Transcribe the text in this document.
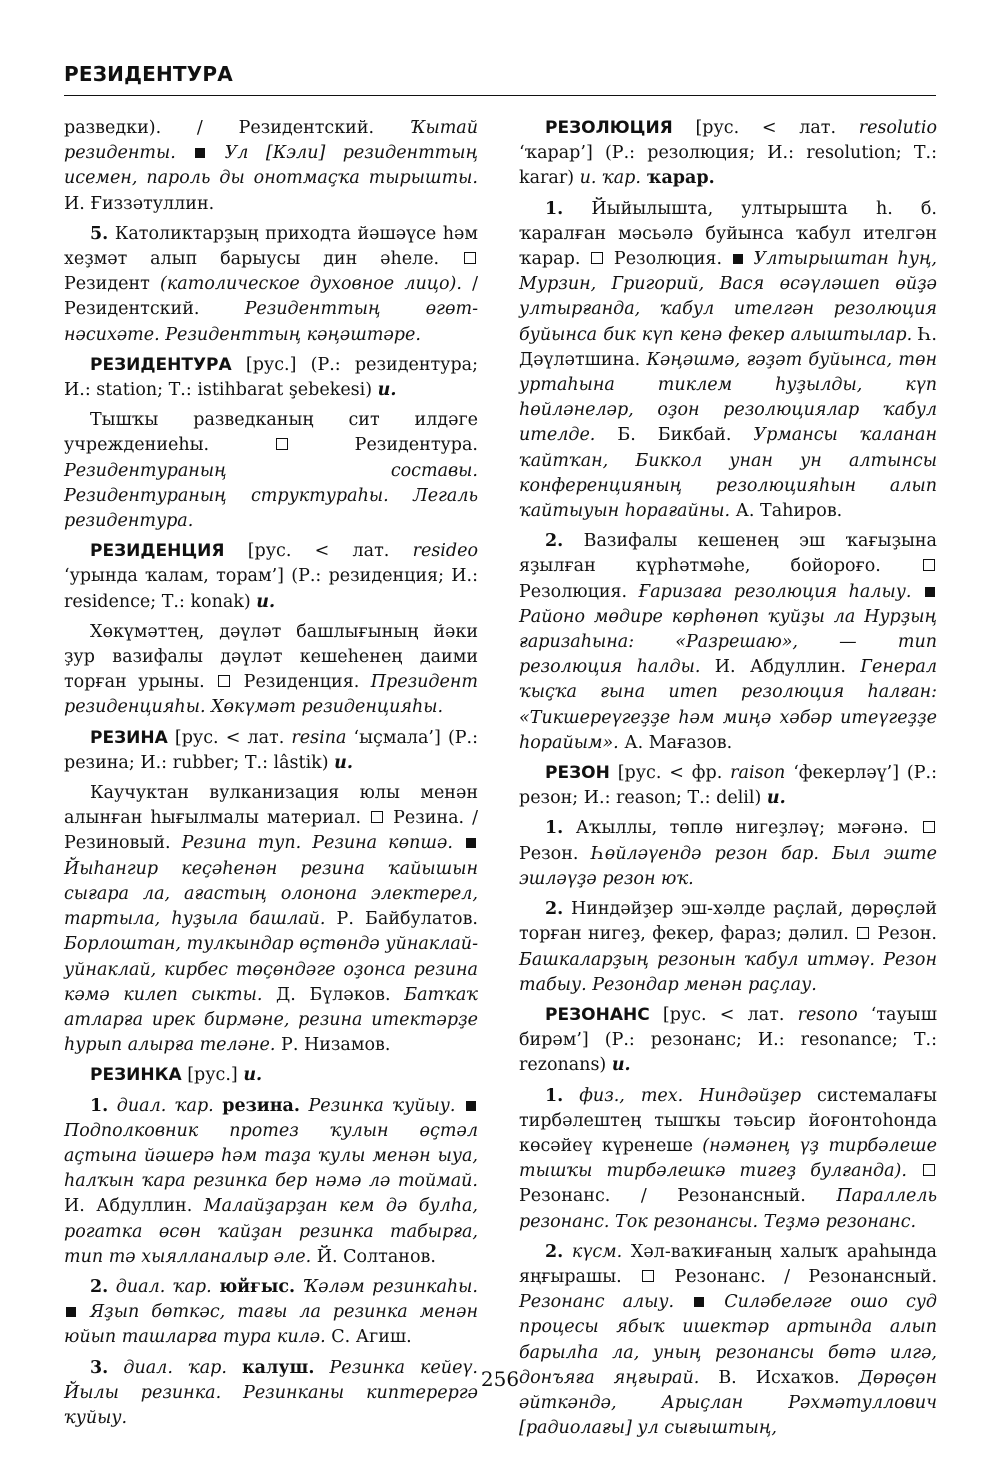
РЕЗИДЕНТУРА

разведки). / Резидентский. Ҡытай резиденты.  Ул [Кэли] резиденттың исемен, пароль ды онотмаҫҡа тырышты. И. Ғиззәтуллин.

5. Католиктарҙың приходта йәшәүсе һәм хеҙмәт алып барыусы дин әһеле.  Резидент (католическое духовное лицо). / Резидентский. Резиденттың өгөт-нәсихәте. Резиденттың кәңәштәре.

РЕЗИДЕНТУРА [рус.] (Р.: резидентура; И.: station; Т.: istihbarat şebekesi) и.

Тышҡы разведканың сит илдәге учреждениеһы.  Резидентура. Резидентураның составы. Резидентураның структураһы. Легаль резидентура.

РЕЗИДЕНЦИЯ [рус. < лат. resideo ‘урында ҡалам, торам’] (Р.: резиденция; И.: residence; Т.: konak) и.

Хөкүмәттең, дәүләт башлығының йәки ҙур вазифалы дәүләт кешеһенең даими торған урыны.  Резиденция. Президент резиденцияһы. Хөкүмәт резиденцияһы.

РЕЗИНА [рус. < лат. resina ‘ыҫмала’] (Р.: резина; И.: rubber; Т.: lâstik) и.

Каучуктан вулканизация юлы менән алынған һығылмалы материал.  Резина. / Резиновый. Резина туп. Резина көпшә.  Йыһангир кеҫәһенән резина ҡайышын сығара ла, ағастың олонона электерел, тартыла, һуҙыла башлай. Р. Байбулатов. Борлоштан, тулкындар өҫтөндә уйнаклай-уйнаклай, кирбес төҫөндәге оҙонса резина кәмә килеп сыкты. Д. Бүләков. Батҡаҡ атларға ирек бирмәне, резина итектәрҙе һурып алырға теләне. Р. Низамов.

РЕЗИНКА [рус.] и.

1. диал. ҡар. резина. Резинка ҡуйыу.  Подполковник протез ҡулын өҫтәл аҫтына йәшерә һәм таҙа ҡулы менән ыуа, һалҡын ҡара резинка бер нәмә лә тоймай. И. Абдуллин. Малайҙарҙан кем дә булһа, рогатка өсөн ҡайҙан резинка табырға, тип тә хыялланалыр әле. Й. Солтанов.

2. диал. ҡар. юйғыс. Ҡәләм резинкаһы.  Яҙып бөткәс, тағы ла резинка менән юйып ташларға тура килә. С. Агиш.

3. диал. ҡар. калуш. Резинка кейеү. Йылы резинка. Резинканы киптерергә ҡуйыу.

РЕЗОЛЮЦИЯ [рус. < лат. resolutio ‘ҡарар’] (Р.: резолюция; И.: resolution; Т.: karar) и. ҡар. ҡарар.

1. Йыйылышта, ултырышта һ. б. ҡаралған мәсьәлә буйынса ҡабул ителгән ҡарар.  Резолюция.  Ултырыштан һуң, Мурзин, Григорий, Вася өсәүләшеп өйҙә ултырғанда, ҡабул ителгән резолюция буйынса бик күп кенә фекер алыштылар. Һ. Дәүләтшина. Кәңәшмә, ғәҙәт буйынса, төн уртаһына тиклем һуҙылды, күп һөйләнеләр, оҙон резолюциялар ҡабул ителде. Б. Бикбай. Урмансы ҡаланан ҡайтҡан, Биккол унан ун алтынсы конференцияның резолюцияһын алып ҡайтыуын һорағайны. А. Таһиров.

2. Вазифалы кешенең эш ҡағыҙына яҙылған күрһәтмәһе, бойороғо.  Резолюция. Ғаризаға резолюция һалыу.  Районо мөдире көрһөнөп ҡуйҙы ла Нурҙың ғаризаһына: «Разрешаю», — тип резолюция һалды. И. Абдуллин. Генерал ҡыҫҡа ғына итеп резолюция һалған: «Тикшереүгеҙҙе һәм миңә хәбәр итеүгеҙҙе һорайым». А. Мағазов.

РЕЗОН [рус. < фр. raison ‘фекерләү’] (Р.: резон; И.: reason; Т.: delil) и.

1. Аҡыллы, төплө нигеҙләү; мәғәнә.  Резон. Һөйләүендә резон бар. Был эште эшләүҙә резон юҡ.

2. Ниндәйҙер эш-хәлде раҫлай, дөрөҫләй торған нигеҙ, фекер, фараз; дәлил.  Резон. Башкаларҙың резонын ҡабул итмәү. Резон табыу. Резондар менән раҫлау.

РЕЗОНАНС [рус. < лат. resono ‘тауыш бирәм’] (Р.: резонанс; И.: resonance; Т.: rezonans) и.

1. физ., тех. Ниндәйҙер системалағы тирбәлештең тышҡы тәьсир йоғонтоһонда көсәйеү күренеше (нәмәнең үҙ тирбәлеше тышҡы тирбәлешкә тигеҙ булғанда).  Резонанс. / Резонансный. Параллель резонанс. Ток резонансы. Теҙмә резонанс.

2. күсм. Хәл-ваҡиғаның халыҡ араһында яңғырашы.  Резонанс. / Резонансный. Резонанс алыу.	Силәбеләге ошо суд процесы ябыҡ ишектәр артында алып барылһа ла, уның резонансы бөтә илгә, донъяға яңғырай. В. Исхаҡов. Дөрөҫөн әйткәндә, Арыҫлан Рәхмәтуллович [радиолағы] ул сығыштың,

256
